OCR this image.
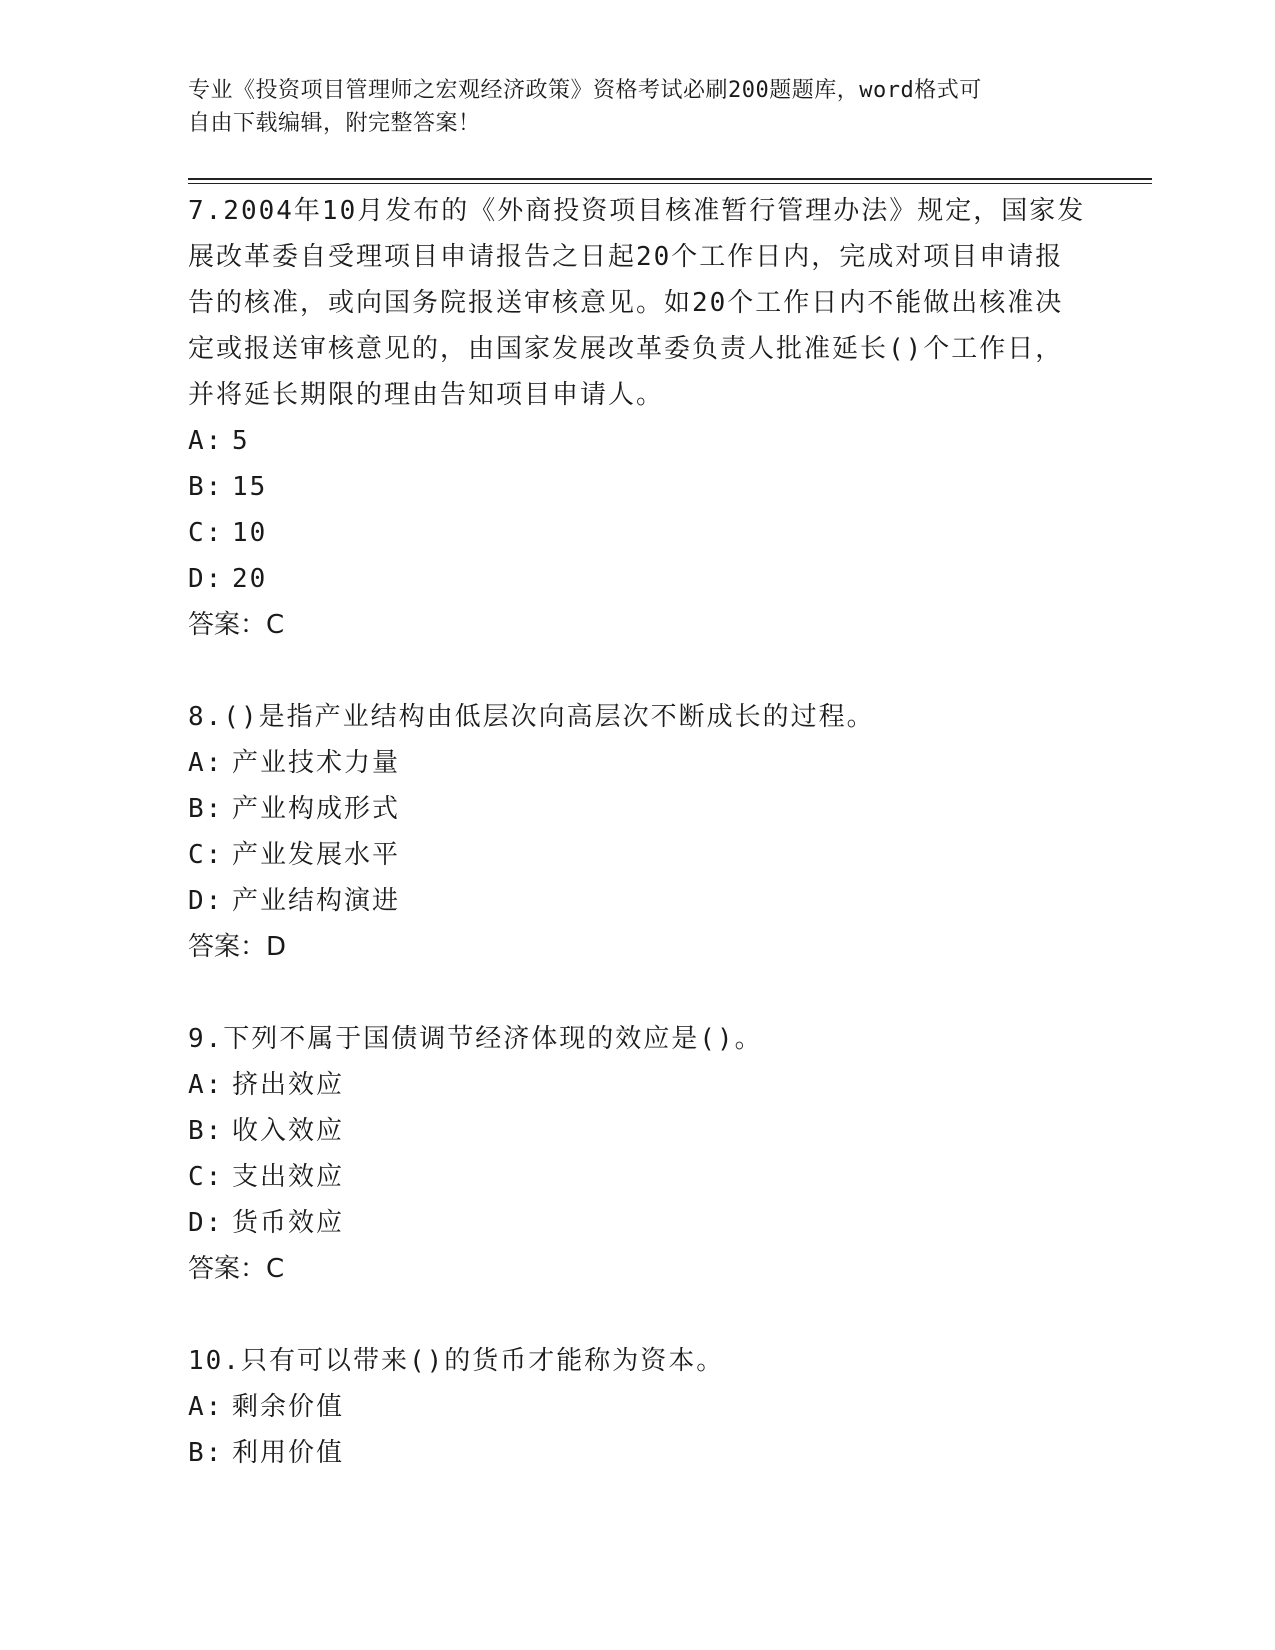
专业《投资项目管理师之宏观经济政策》资格考试必刷200题题库，word格式可
自由下载编辑，附完整答案！

7.2004年10月发布的《外商投资项目核准暂行管理办法》规定，国家发展改革委自受理项目申请报告之日起20个工作日内，完成对项目申请报告的核准，或向国务院报送审核意见。如20个工作日内不能做出核准决定或报送审核意见的，由国家发展改革委负责人批准延长()个工作日，并将延长期限的理由告知项目申请人。

A: 5
B: 15
C: 10
D: 20
答案：C

8.()是指产业结构由低层次向高层次不断成长的过程。

A: 产业技术力量
B: 产业构成形式
C: 产业发展水平
D: 产业结构演进
答案：D

9.下列不属于国债调节经济体现的效应是()。

A: 挤出效应
B: 收入效应
C: 支出效应
D: 货币效应
答案：C

10.只有可以带来()的货币才能称为资本。

A: 剩余价值
B: 利用价值
